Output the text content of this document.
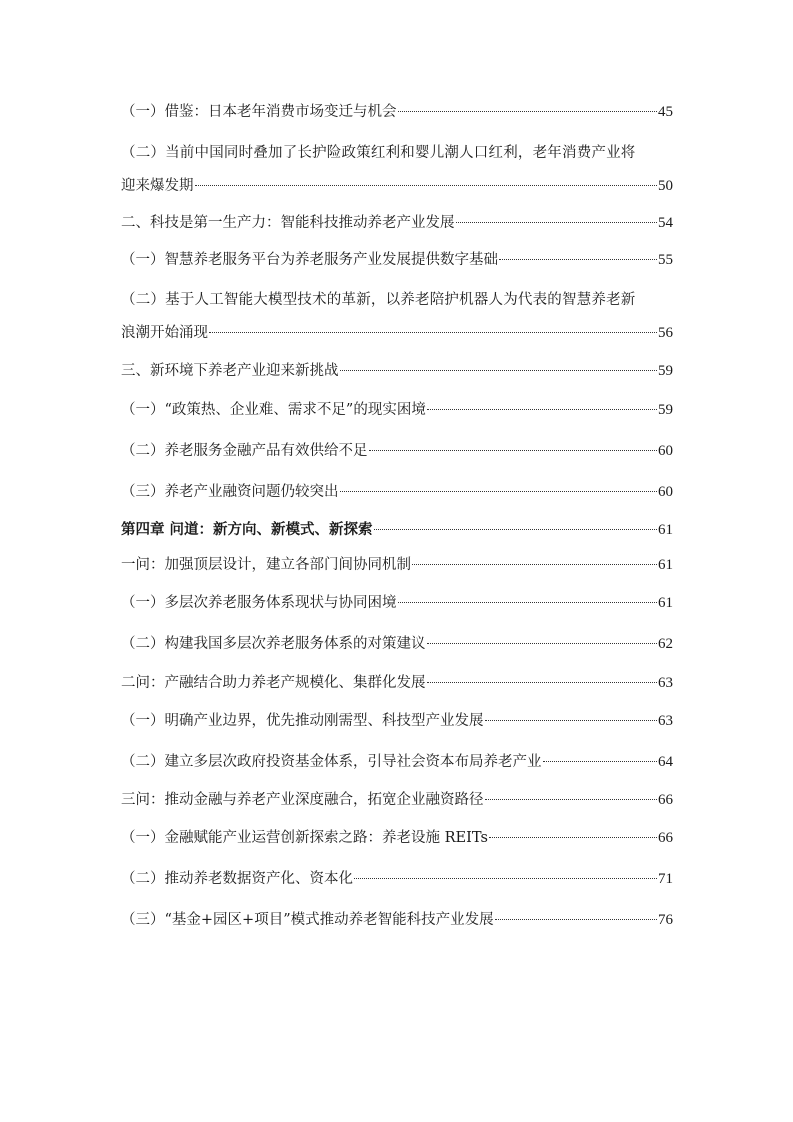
（一）借鉴：日本老年消费市场变迁与机会	45
（二）当前中国同时叠加了长护险政策红利和婴儿潮人口红利，老年消费产业将
迎来爆发期	50
二、科技是第一生产力：智能科技推动养老产业发展	54
（一）智慧养老服务平台为养老服务产业发展提供数字基础	55
（二）基于人工智能大模型技术的革新，以养老陪护机器人为代表的智慧养老新
浪潮开始涌现	56
三、新环境下养老产业迎来新挑战	59
（一）“政策热、企业难、需求不足”的现实困境	59
（二）养老服务金融产品有效供给不足	60
（三）养老产业融资问题仍较突出	60
第四章 问道：新方向、新模式、新探索	61
一问：加强顶层设计，建立各部门间协同机制	61
（一）多层次养老服务体系现状与协同困境	61
（二）构建我国多层次养老服务体系的对策建议	62
二问：产融结合助力养老产规模化、集群化发展	63
（一）明确产业边界，优先推动刚需型、科技型产业发展	63
（二）建立多层次政府投资基金体系，引导社会资本布局养老产业	64
三问：推动金融与养老产业深度融合，拓宽企业融资路径	66
（一）金融赋能产业运营创新探索之路：养老设施 REITs	66
（二）推动养老数据资产化、资本化	71
（三）“基金+园区+项目”模式推动养老智能科技产业发展	76
